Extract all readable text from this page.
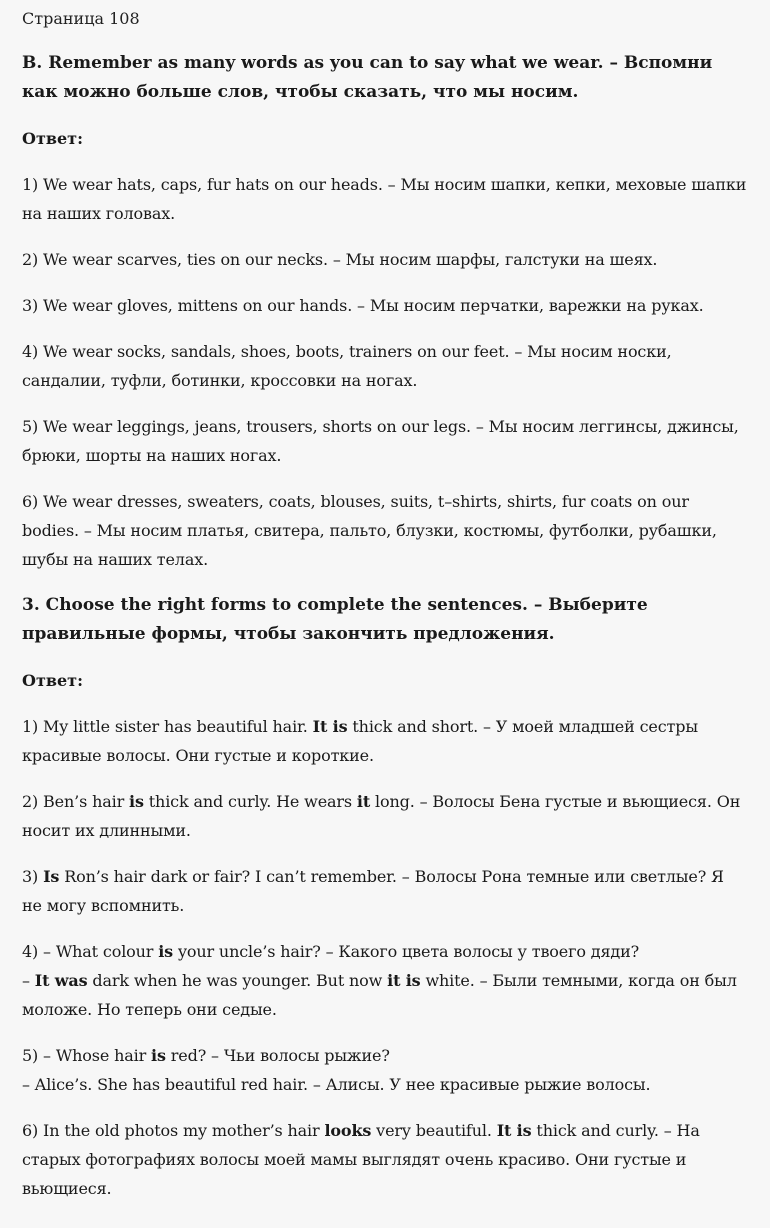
Страница 108
B. Remember as many words as you can to say what we wear. – Вспомни как можно больше слов, чтобы сказать, что мы носим.
Ответ:

1) We wear hats, caps, fur hats on our heads. – Мы носим шапки, кепки, меховые шапки на наших головах.

2) We wear scarves, ties on our necks. – Мы носим шарфы, галстуки на шеях.

3) We wear gloves, mittens on our hands. – Мы носим перчатки, варежки на руках.

4) We wear socks, sandals, shoes, boots, trainers on our feet. – Мы носим носки, сандалии, туфли, ботинки, кроссовки на ногах.

5) We wear leggings, jeans, trousers, shorts on our legs. – Мы носим леггинсы, джинсы, брюки, шорты на наших ногах.

6) We wear dresses, sweaters, coats, blouses, suits, t–shirts, shirts, fur coats on our bodies. – Мы носим платья, свитера, пальто, блузки, костюмы, футболки, рубашки, шубы на наших телах.

3. Choose the right forms to complete the sentences. – Выберите правильные формы, чтобы закончить предложения.
Ответ:

1) My little sister has beautiful hair. It is thick and short. – У моей младшей сестры красивые волосы. Они густые и короткие.

2) Ben’s hair is thick and curly. He wears it long. – Волосы Бена густые и вьющиеся. Он носит их длинными.

3) Is Ron’s hair dark or fair? I can’t remember. – Волосы Рона темные или светлые? Я не могу вспомнить.

4) – What colour is your uncle’s hair? – Какого цвета волосы у твоего дяди?
– It was dark when he was younger. But now it is white. – Были темными, когда он был моложе. Но теперь они седые.

5) – Whose hair is red? – Чьи волосы рыжие?
– Alice’s. She has beautiful red hair. – Алисы. У нее красивые рыжие волосы.

6) In the old photos my mother’s hair looks very beautiful. It is thick and curly. – На старых фотографиях волосы моей мамы выглядят очень красиво. Они густые и вьющиеся.
